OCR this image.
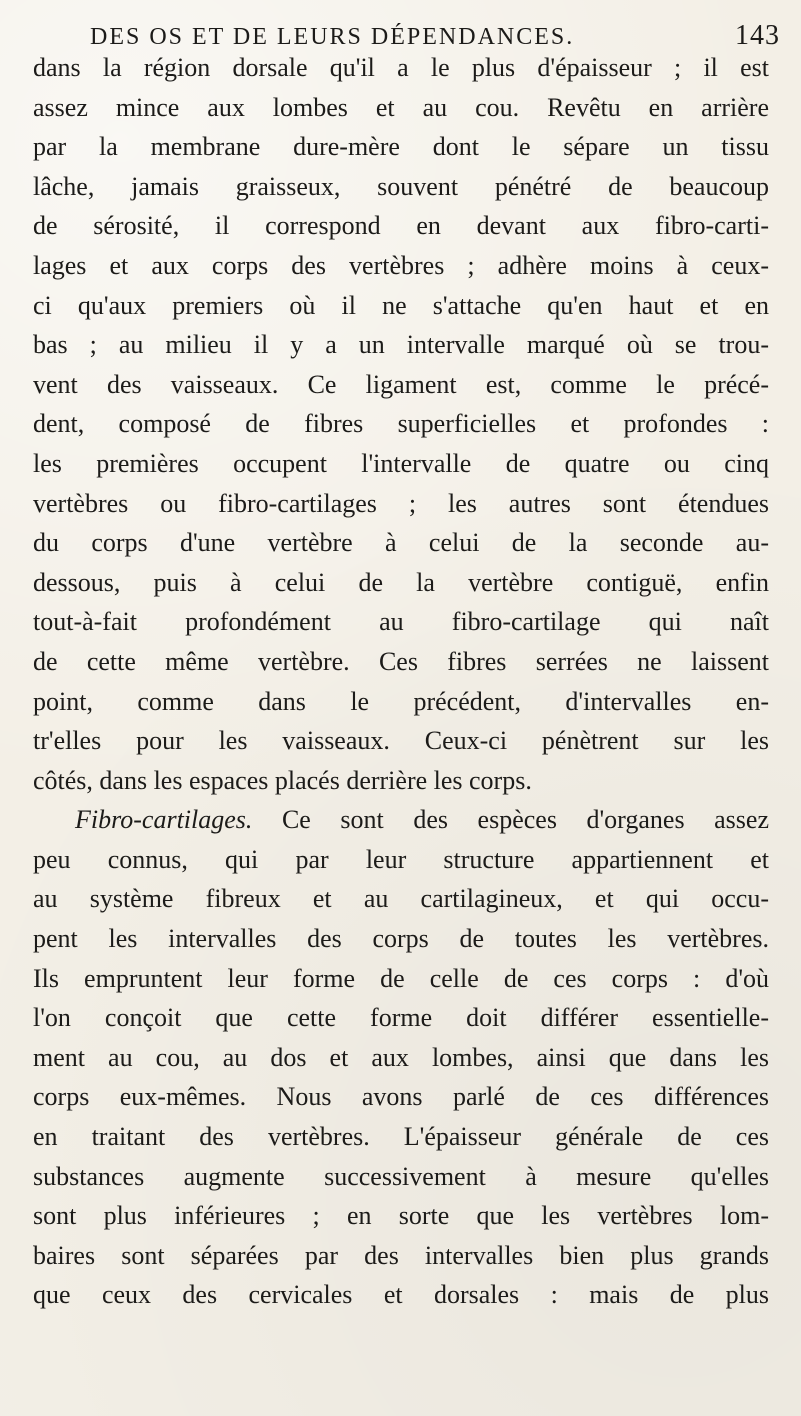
DES OS ET DE LEURS DÉPENDANCES.	143
dans la région dorsale qu'il a le plus d'épaisseur ; il est
assez mince aux lombes et au cou. Revêtu en arrière
par la membrane dure-mère dont le sépare un tissu
lâche, jamais graisseux, souvent pénétré de beaucoup
de sérosité, il correspond en devant aux fibro-carti-
lages et aux corps des vertèbres ; adhère moins à ceux-
ci qu'aux premiers où il ne s'attache qu'en haut et en
bas ; au milieu il y a un intervalle marqué où se trou-
vent des vaisseaux. Ce ligament est, comme le précé-
dent, composé de fibres superficielles et profondes :
les premières occupent l'intervalle de quatre ou cinq
vertèbres ou fibro-cartilages ; les autres sont étendues
du corps d'une vertèbre à celui de la seconde au-
dessous, puis à celui de la vertèbre contiguë, enfin
tout-à-fait profondément au fibro-cartilage qui naît
de cette même vertèbre. Ces fibres serrées ne laissent
point, comme dans le précédent, d'intervalles en-
tr'elles pour les vaisseaux. Ceux-ci pénètrent sur les
côtés, dans les espaces placés derrière les corps.
Fibro-cartilages. Ce sont des espèces d'organes assez
peu connus, qui par leur structure appartiennent et
au système fibreux et au cartilagineux, et qui occu-
pent les intervalles des corps de toutes les vertèbres.
Ils empruntent leur forme de celle de ces corps : d'où
l'on conçoit que cette forme doit différer essentielle-
ment au cou, au dos et aux lombes, ainsi que dans les
corps eux-mêmes. Nous avons parlé de ces différences
en traitant des vertèbres. L'épaisseur générale de ces
substances augmente successivement à mesure qu'elles
sont plus inférieures ; en sorte que les vertèbres lom-
baires sont séparées par des intervalles bien plus grands
que ceux des cervicales et dorsales : mais de plus
